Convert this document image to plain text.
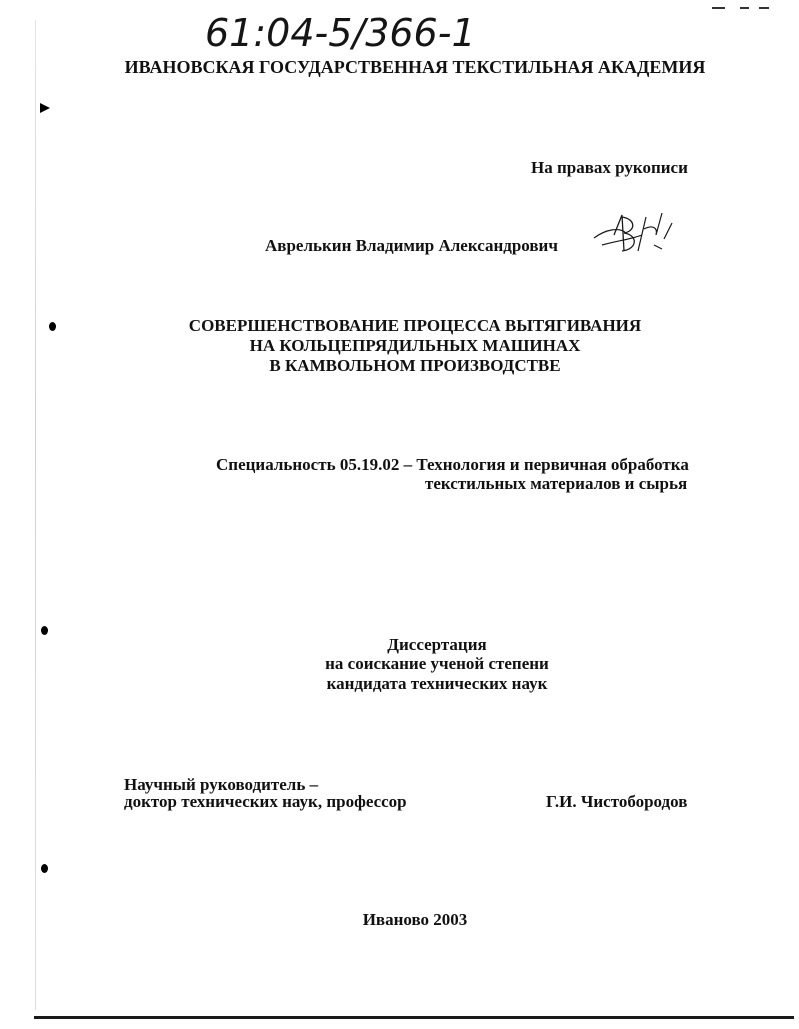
61:04-5/366-1
ИВАНОВСКАЯ ГОСУДАРСТВЕННАЯ ТЕКСТИЛЬНАЯ АКАДЕМИЯ
На правах рукописи
Аврелькин Владимир Александрович
СОВЕРШЕНСТВОВАНИЕ ПРОЦЕССА ВЫТЯГИВАНИЯ
НА КОЛЬЦЕПРЯДИЛЬНЫХ МАШИНАХ
В КАМВОЛЬНОМ ПРОИЗВОДСТВЕ
Специальность 05.19.02 – Технология и первичная обработка
текстильных материалов и сырья
Диссертация
на соискание ученой степени
кандидата технических наук
Научный руководитель –
доктор технических наук, профессор	Г.И. Чистобородов
Иваново 2003
